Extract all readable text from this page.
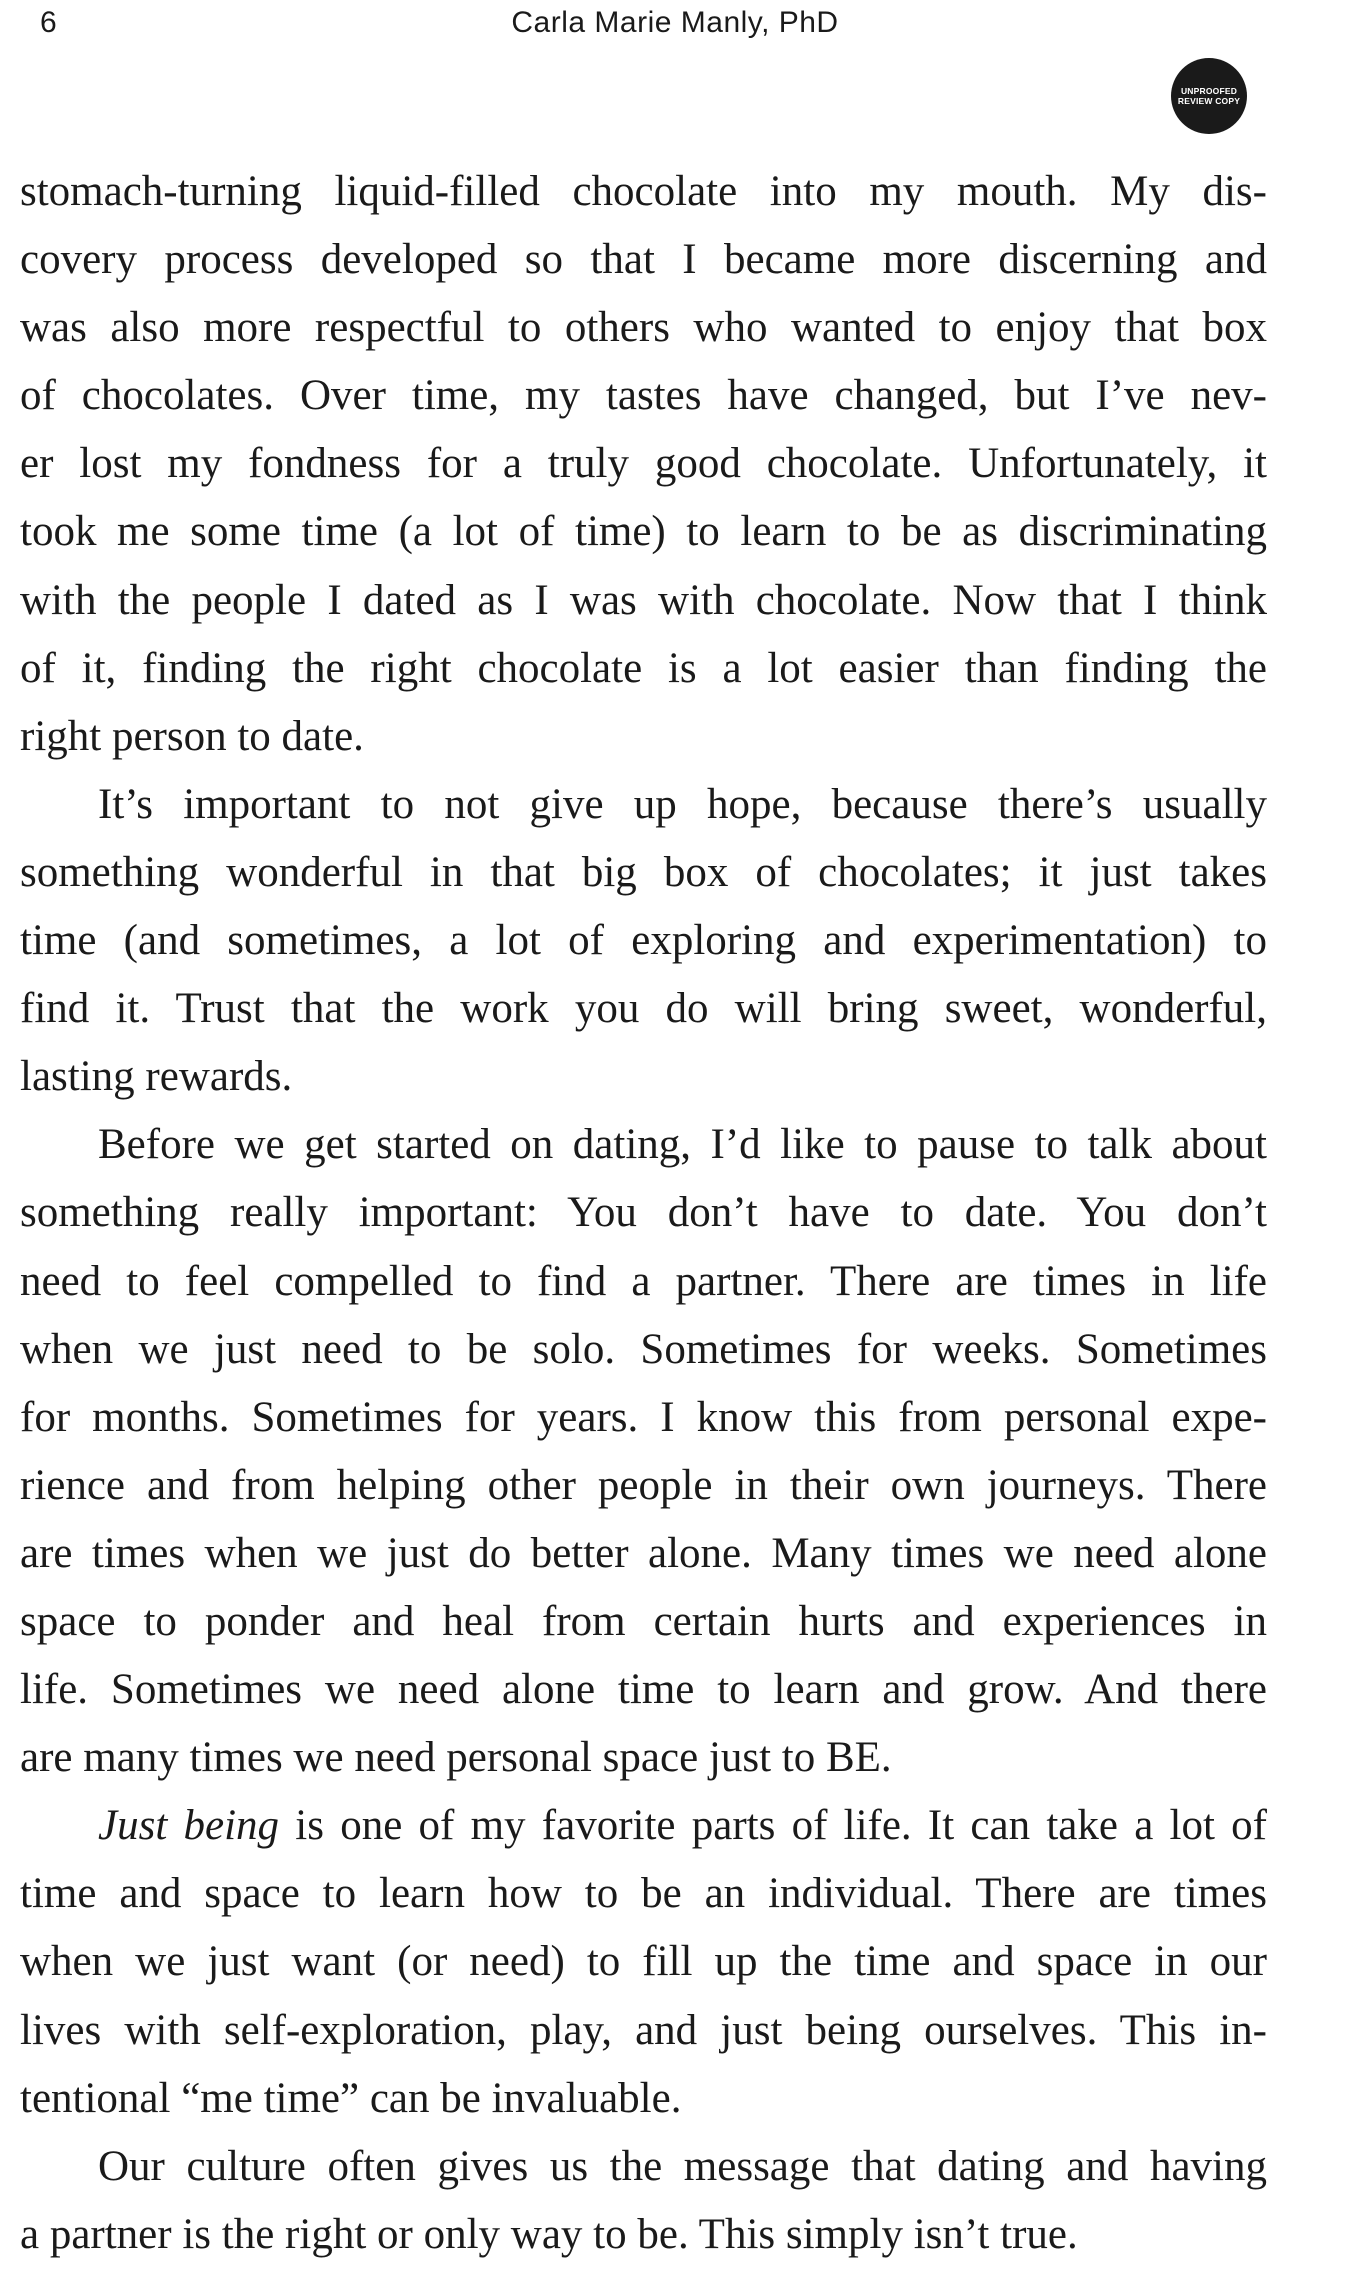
6	Carla Marie Manly, PhD
UNPROOFED
REVIEW COPY
stomach-turning liquid-filled chocolate into my mouth. My dis-
covery process developed so that I became more discerning and
was also more respectful to others who wanted to enjoy that box
of chocolates. Over time, my tastes have changed, but I’ve nev-
er lost my fondness for a truly good chocolate. Unfortunately, it
took me some time (a lot of time) to learn to be as discriminating
with the people I dated as I was with chocolate. Now that I think
of it, finding the right chocolate is a lot easier than finding the
right person to date.
It’s important to not give up hope, because there’s usually
something wonderful in that big box of chocolates; it just takes
time (and sometimes, a lot of exploring and experimentation) to
find it. Trust that the work you do will bring sweet, wonderful,
lasting rewards.
Before we get started on dating, I’d like to pause to talk about
something really important: You don’t have to date. You don’t
need to feel compelled to find a partner. There are times in life
when we just need to be solo. Sometimes for weeks. Sometimes
for months. Sometimes for years. I know this from personal expe-
rience and from helping other people in their own journeys. There
are times when we just do better alone. Many times we need alone
space to ponder and heal from certain hurts and experiences in
life. Sometimes we need alone time to learn and grow. And there
are many times we need personal space just to BE.
Just being is one of my favorite parts of life. It can take a lot of
time and space to learn how to be an individual. There are times
when we just want (or need) to fill up the time and space in our
lives with self-exploration, play, and just being ourselves. This in-
tentional “me time” can be invaluable.
Our culture often gives us the message that dating and having
a partner is the right or only way to be. This simply isn’t true.
